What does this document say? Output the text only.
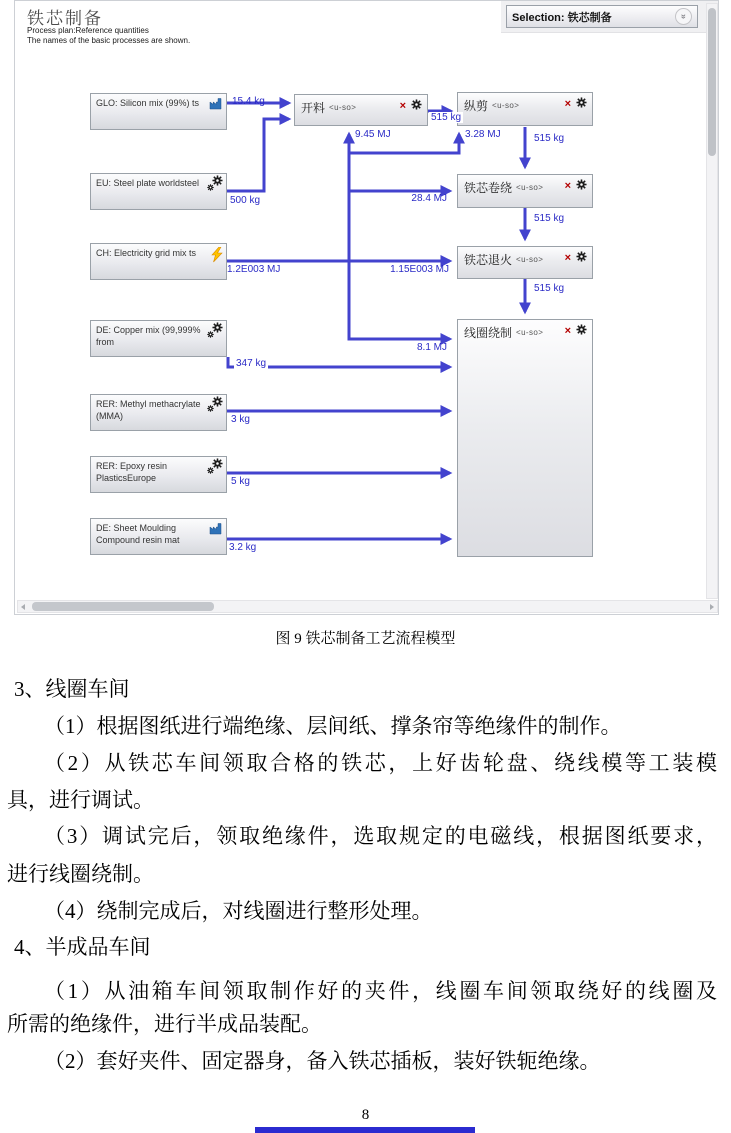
铁芯制备
Process plan:Reference quantities
The names of the basic processes are shown.
Selection: 铁芯制备	»
GLO: Silicon mix (99%) ts
EU: Steel plate worldsteel
CH: Electricity grid mix ts
DE: Copper mix (99,999% from
RER: Methyl methacrylate (MMA)
RER: Epoxy resin PlasticsEurope
DE: Sheet Moulding Compound resin mat
开料 <u-so>	×	纵剪 <u-so>	×
铁芯卷绕 <u-so> ×
铁芯退火 <u-so> ×
线圈绕制 <u-so> ×
15.4 kg
515 kg
500 kg
1.2E003 MJ	1.15E003 MJ
9.45 MJ	3.28 MJ
28.4 MJ
8.1 MJ
347 kg
3 kg
5 kg
3.2 kg
515 kg
515 kg
515 kg
图 9 铁芯制备工艺流程模型
3、线圈车间
（1）根据图纸进行端绝缘、层间纸、撑条帘等绝缘件的制作。
（2）从铁芯车间领取合格的铁芯，上好齿轮盘、绕线模等工装模
具，进行调试。
（3）调试完后，领取绝缘件，选取规定的电磁线，根据图纸要求，
进行线圈绕制。
（4）绕制完成后，对线圈进行整形处理。
4、半成品车间
（1）从油箱车间领取制作好的夹件，线圈车间领取绕好的线圈及
所需的绝缘件，进行半成品装配。
（2）套好夹件、固定器身，备入铁芯插板，装好铁轭绝缘。
8
